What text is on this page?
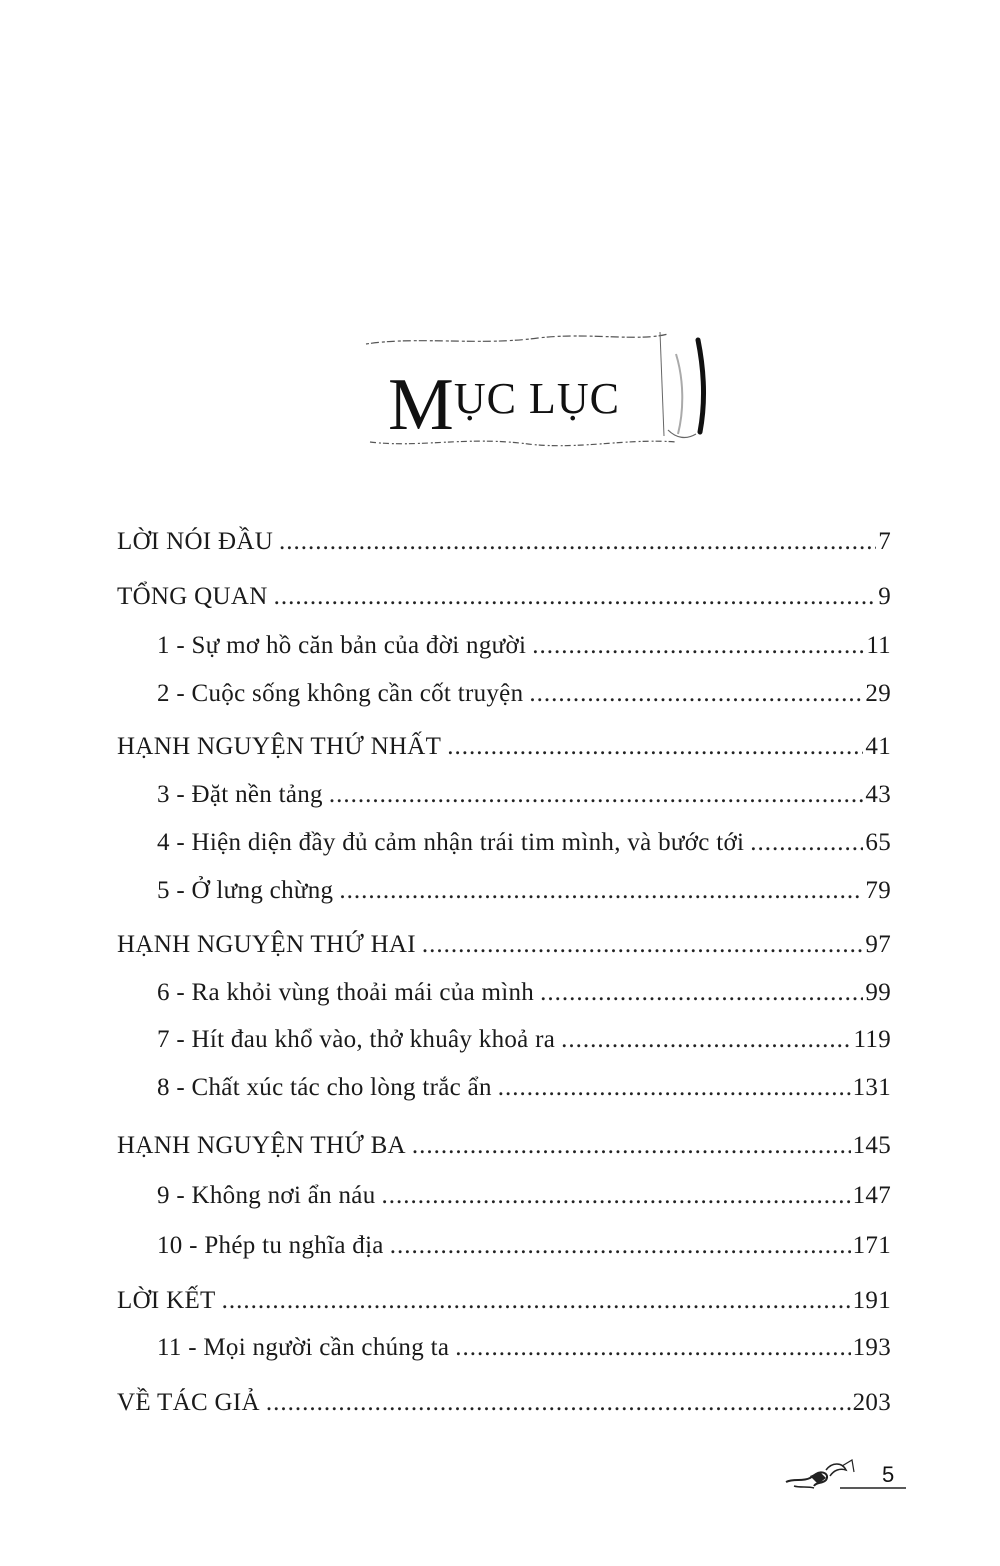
MỤC LỤC
LỜI NÓI ĐẦU .....	7
TỔNG QUAN .....	9
1 - Sự mơ hồ căn bản của đời người .....	11
2 - Cuộc sống không cần cốt truyện .....	29
HẠNH NGUYỆN THỨ NHẤT .....	41
3 - Đặt nền tảng .....	43
4 - Hiện diện đầy đủ cảm nhận trái tim mình, và bước tới .....	65
5 - Ở lưng chừng .....	79
HẠNH NGUYỆN THỨ HAI .....	97
6 - Ra khỏi vùng thoải mái của mình .....	99
7 - Hít đau khổ vào, thở khuây khoả ra .....	119
8 - Chất xúc tác cho lòng trắc ẩn .....	131
HẠNH NGUYỆN THỨ BA .....	145
9 - Không nơi ẩn náu .....	147
10 - Phép tu nghĩa địa .....	171
LỜI KẾT .....	191
11 - Mọi người cần chúng ta .....	193
VỀ TÁC GIẢ .....	203
5
